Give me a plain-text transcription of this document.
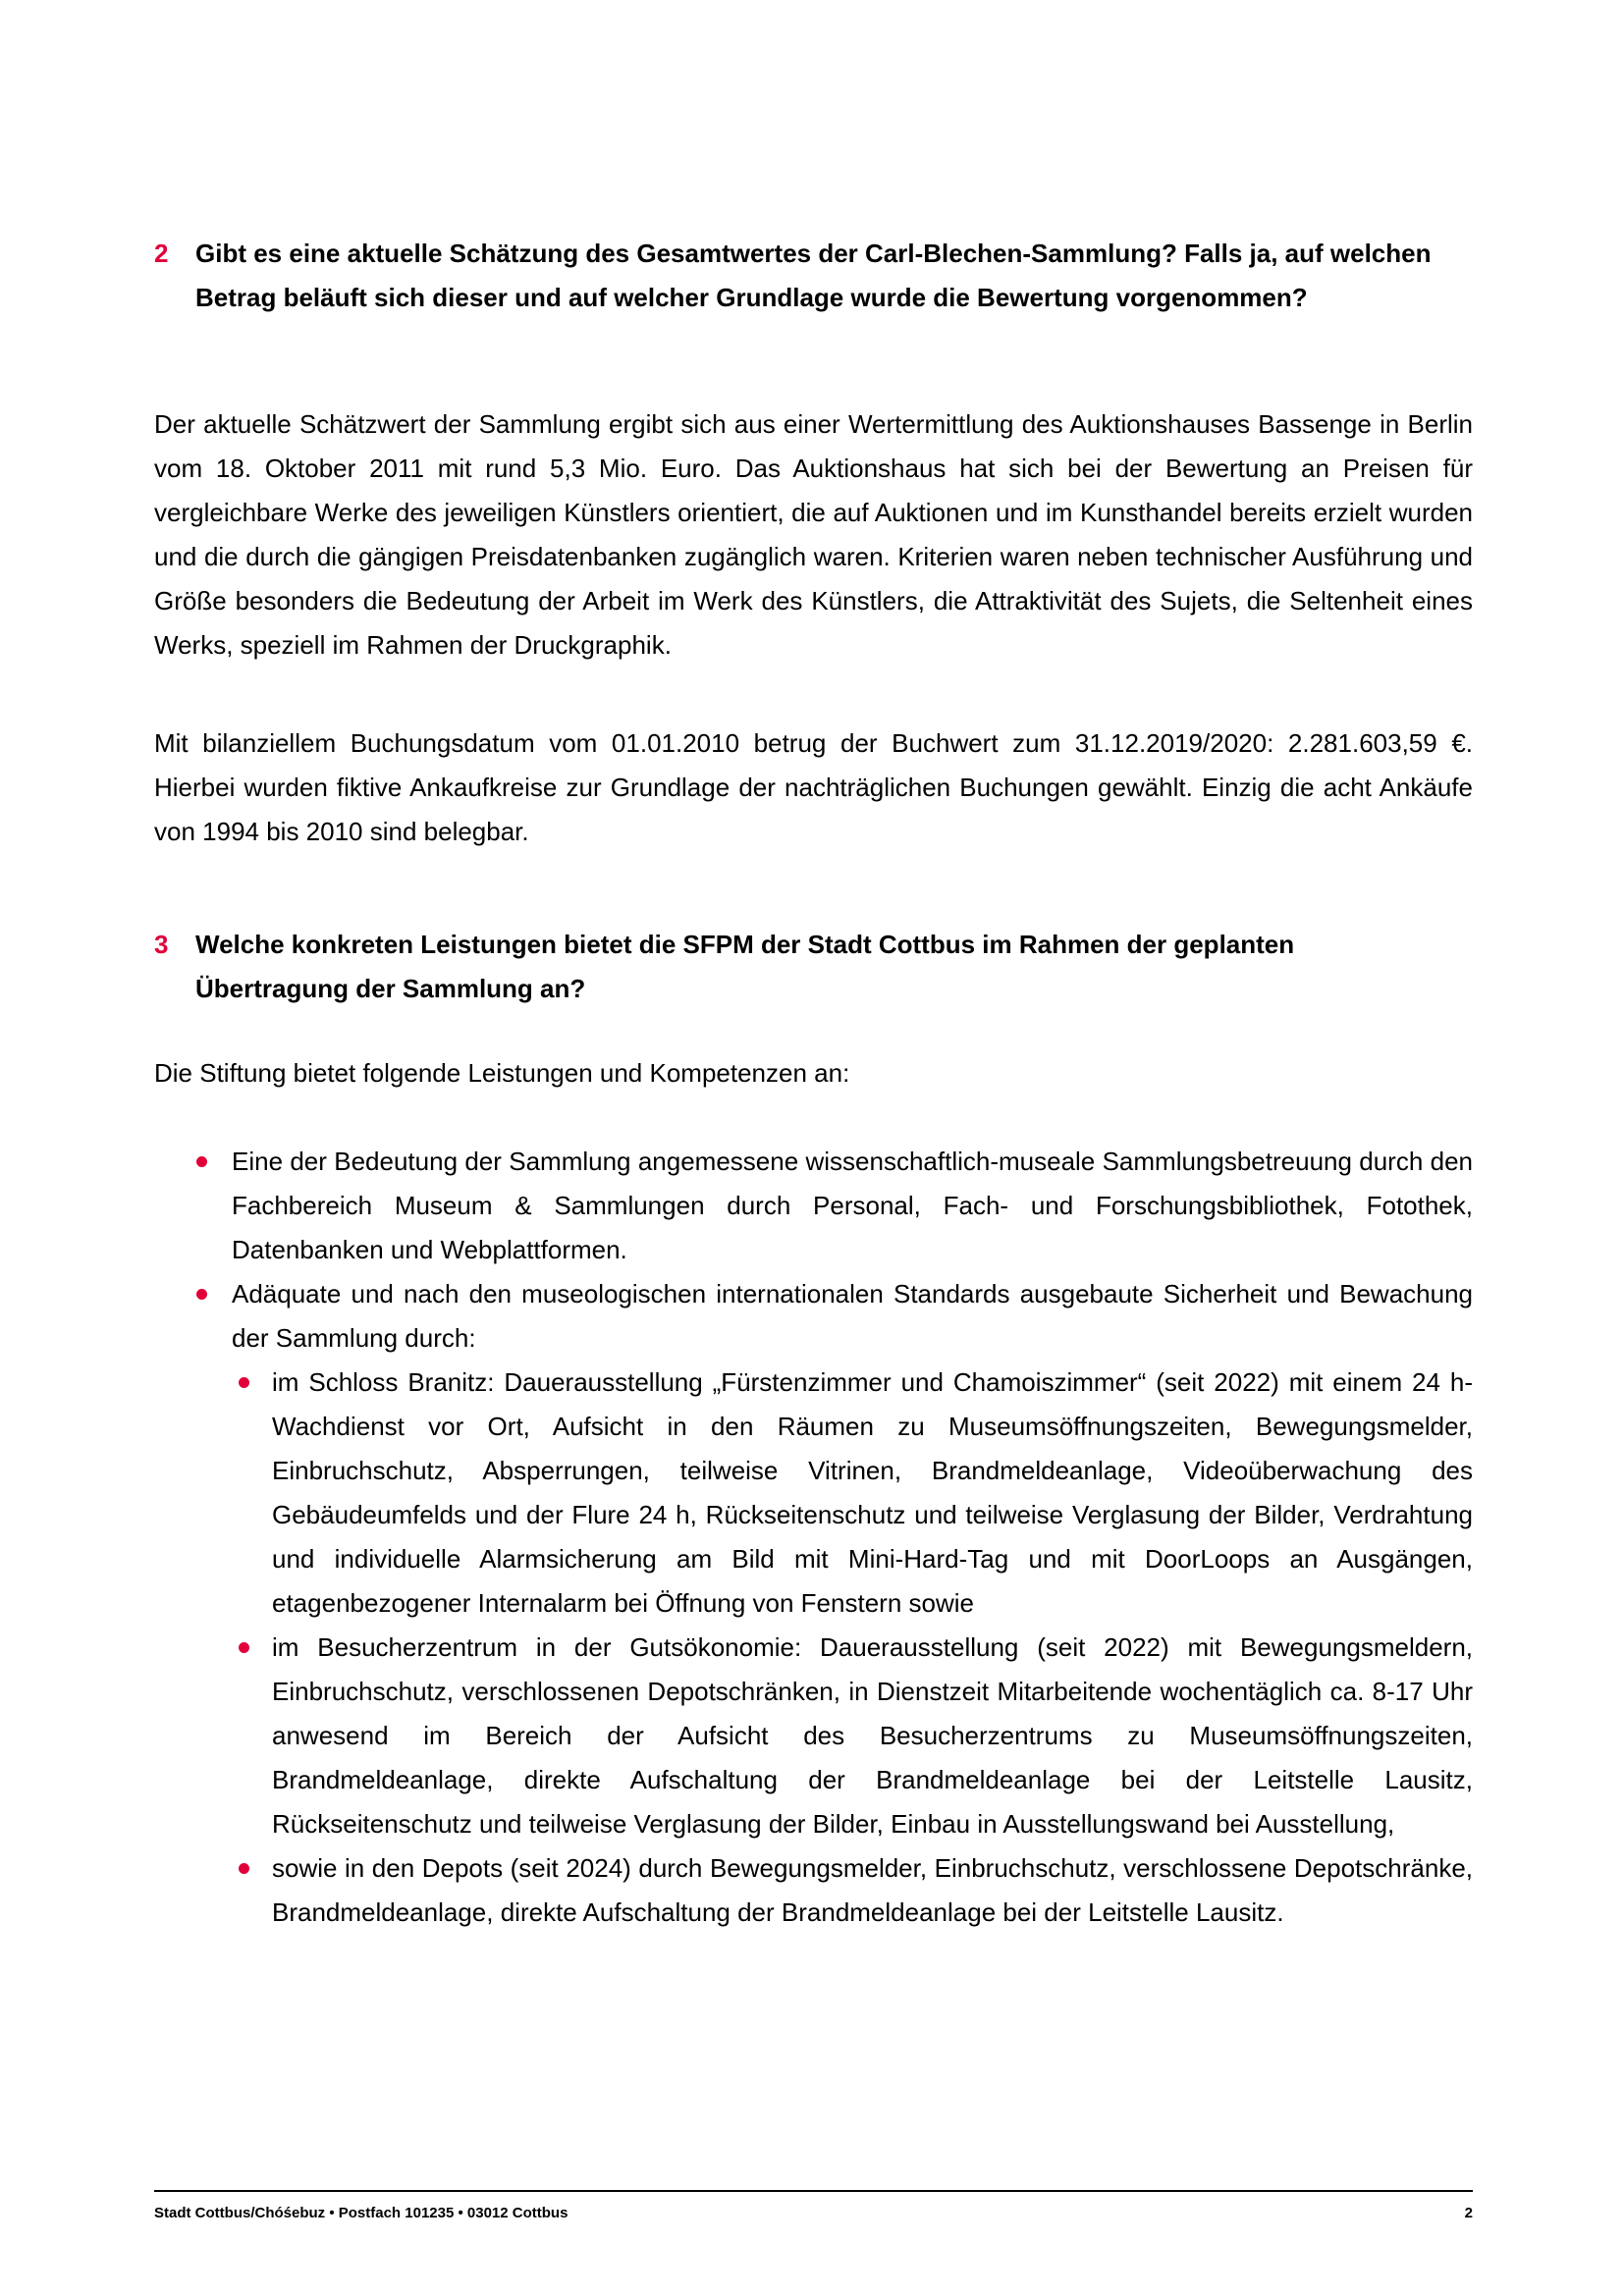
2	Gibt es eine aktuelle Schätzung des Gesamtwertes der Carl-Blechen-Sammlung? Falls ja, auf welchen Betrag beläuft sich dieser und auf welcher Grundlage wurde die Bewertung vorgenommen?

Der aktuelle Schätzwert der Sammlung ergibt sich aus einer Wertermittlung des Auktionshauses Bassenge in Berlin vom 18. Oktober 2011 mit rund 5,3 Mio. Euro. Das Auktionshaus hat sich bei der Bewertung an Preisen für vergleichbare Werke des jeweiligen Künstlers orientiert, die auf Auktionen und im Kunsthandel bereits erzielt wurden und die durch die gängigen Preisdatenbanken zugänglich waren. Kriterien waren neben technischer Ausführung und Größe besonders die Bedeutung der Arbeit im Werk des Künstlers, die Attraktivität des Sujets, die Seltenheit eines Werks, speziell im Rahmen der Druckgraphik.

Mit bilanziellem Buchungsdatum vom 01.01.2010 betrug der Buchwert zum 31.12.2019/2020: 2.281.603,59 €. Hierbei wurden fiktive Ankaufkreise zur Grundlage der nachträglichen Buchungen gewählt. Einzig die acht Ankäufe von 1994 bis 2010 sind belegbar.

3	Welche konkreten Leistungen bietet die SFPM der Stadt Cottbus im Rahmen der geplanten Übertragung der Sammlung an?

Die Stiftung bietet folgende Leistungen und Kompetenzen an:

Eine der Bedeutung der Sammlung angemessene wissenschaftlich-museale Sammlungsbetreuung durch den Fachbereich Museum & Sammlungen durch Personal, Fach- und Forschungsbibliothek, Fotothek, Datenbanken und Webplattformen.
Adäquate und nach den museologischen internationalen Standards ausgebaute Sicherheit und Bewachung der Sammlung durch:
im Schloss Branitz: Dauerausstellung „Fürstenzimmer und Chamoiszimmer“ (seit 2022) mit einem 24 h-Wachdienst vor Ort, Aufsicht in den Räumen zu Museumsöffnungszeiten, Bewegungsmelder, Einbruchschutz, Absperrungen, teilweise Vitrinen, Brandmeldeanlage, Videoüberwachung des Gebäudeumfelds und der Flure 24 h, Rückseitenschutz und teilweise Verglasung der Bilder, Verdrahtung und individuelle Alarmsicherung am Bild mit Mini-Hard-Tag und mit DoorLoops an Ausgängen, etagenbezogener Internalarm bei Öffnung von Fenstern sowie
im Besucherzentrum in der Gutsökonomie: Dauerausstellung (seit 2022) mit Bewegungsmeldern, Einbruchschutz, verschlossenen Depotschränken, in Dienstzeit Mitarbeitende wochentäglich ca. 8-17 Uhr anwesend im Bereich der Aufsicht des Besucherzentrums zu Museumsöffnungszeiten, Brandmeldeanlage, direkte Aufschaltung der Brandmeldeanlage bei der Leitstelle Lausitz, Rückseitenschutz und teilweise Verglasung der Bilder, Einbau in Ausstellungswand bei Ausstellung,
sowie in den Depots (seit 2024) durch Bewegungsmelder, Einbruchschutz, verschlossene Depotschränke, Brandmeldeanlage, direkte Aufschaltung der Brandmeldeanlage bei der Leitstelle Lausitz.
Stadt Cottbus/Chóśebuz • Postfach 101235 • 03012 Cottbus	2
